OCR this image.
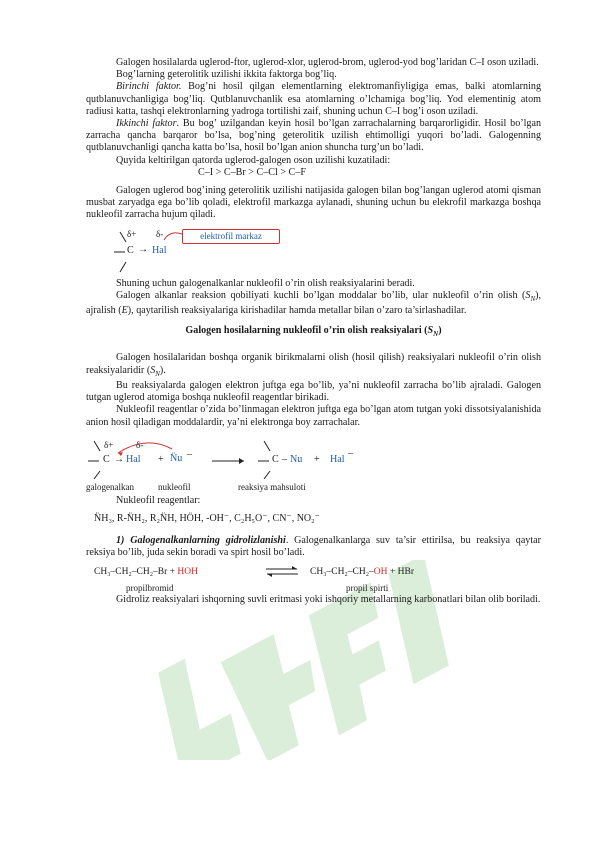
Galogen hosilalarda uglerod-ftor, uglerod-xlor, uglerod-brom, uglerod-yod bog’laridan C–I oson uziladi.

Bog’larning geterolitik uzilishi ikkita faktorga bog’liq.

Birinchi faktor. Bog’ni hosil qilgan elementlarning elektromanfiyligiga emas, balki atomlarning qutblanuvchanligiga bog’liq. Qutblanuvchanlik esa atomlarning o’lchamiga bog’liq. Yod elementinig atom radiusi katta, tashqi elektronlarning yadroga tortilishi zaif, shuning uchun C–I bog’i oson uziladi.

Ikkinchi faktor. Bu bog’ uzilgandan keyin hosil bo’lgan zarrachalarning barqarorligidir. Hosil bo’lgan zarracha qancha barqaror bo’lsa, bog’ning geterolitik uzilish ehtimolligi yuqori bo’ladi. Galogenning qutblanuvchanligi qancha katta bo’lsa, hosil bo’lgan anion shuncha turg’un bo’ladi.

Quyida keltirilgan qatorda uglerod-galogen oson uzilishi kuzatiladi:

C–I > C–Br > C–Cl > C–F

Galogen uglerod bog’ining geterolitik uzilishi natijasida galogen bilan bog’langan uglerod atomi qisman musbat zaryadga ega bo’lib qoladi, elektrofil markazga aylanadi, shuning uchun bu elekrofil markazga boshqa nukleofil zarracha hujum qiladi.

δ+ δ-
C → Hal
elektrofil markaz

Shuning uchun galogenalkanlar nukleofil o’rin olish reaksiyalarini beradi.

Galogen alkanlar reaksion qobiliyati kuchli bo’lgan moddalar bo’lib, ular nukleofil o’rin olish $(S_N)$, ajralish (E), qaytarilish reaksiyalariga kirishadilar hamda metallar bilan o’zaro ta’sirlashadilar.

Galogen hosilalarning nukleofil o’rin olish reaksiyalari $(S_N)$

Galogen hosilalaridan boshqa organik birikmalarni olish (hosil qilish) reaksiyalari nukleofil o’rin olish reaksiyalaridir $(S_N)$.

Bu reaksiyalarda galogen elektron juftga ega bo’lib, ya’ni nukleofil zarracha bo’lib ajraladi. Galogen tutgan uglerod atomiga boshqa nukleofil reagentlar birikadi.

Nukleofil reagentlar o’zida bo’linmagan elektron juftga ega bo’lgan atom tutgan yoki dissotsiyalanishida anion hosil qiladigan moddalardir, ya’ni elektronga boy zarrachalar.

δ+	δ-
C → Hal + N̈u –	C – Nu + Hal
–
galogenalkan	nukleofil	reaksiya mahsuloti

Nukleofil reagentlar:

N̈H₃, R-N̈H₂, R₂N̈H, HÖH, -OH⁻, C₂H₅O⁻, CN⁻, NO₂⁻

1) Galogenalkanlarning gidrolizlanishi. Galogenalkanlarga suv ta’sir ettirilsa, bu reaksiya qaytar reksiya bo’lib, juda sekin boradi va spirt hosil bo’ladi.

CH₃–CH₂–CH₂–Br + HOH	⇌ CH₃–CH₂–CH₂–OH + HBr
propilbromid	propil spirti

Gidroliz reaksiyalari ishqorning suvli eritmasi yoki ishqoriy metallarning karbonatlari bilan olib boriladi.
